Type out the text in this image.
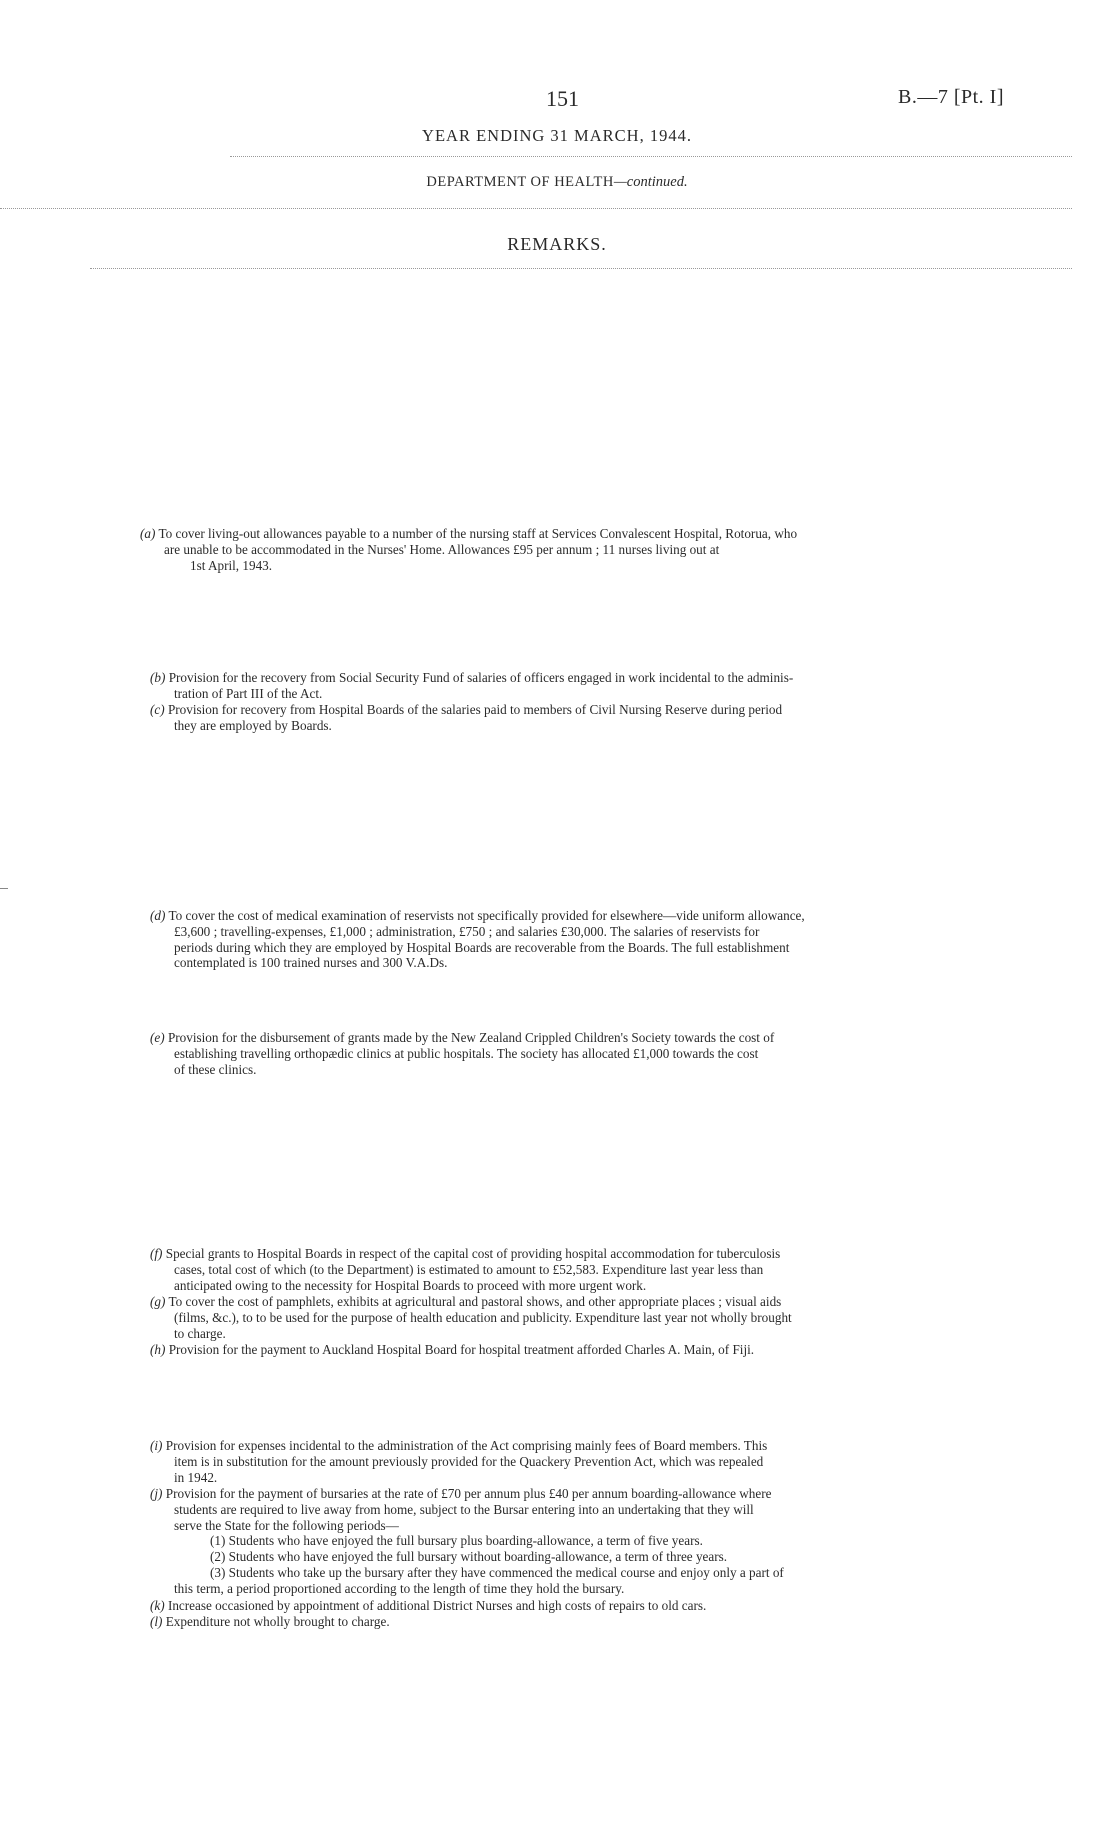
151	B.—7 [Pt. I]
YEAR ENDING 31 MARCH, 1944.
DEPARTMENT OF HEALTH—continued.
REMARKS.
(a) To cover living-out allowances payable to a number of the nursing staff at Services Convalescent Hospital, Rotorua, who
are unable to be accommodated in the Nurses' Home. Allowances £95 per annum ; 11 nurses living out at
1st April, 1943.
(b) Provision for the recovery from Social Security Fund of salaries of officers engaged in work incidental to the adminis-
tration of Part III of the Act.
(c) Provision for recovery from Hospital Boards of the salaries paid to members of Civil Nursing Reserve during period
they are employed by Boards.
(d) To cover the cost of medical examination of reservists not specifically provided for elsewhere—vide uniform allowance,
£3,600 ; travelling-expenses, £1,000 ; administration, £750 ; and salaries £30,000. The salaries of reservists for
periods during which they are employed by Hospital Boards are recoverable from the Boards. The full establishment
contemplated is 100 trained nurses and 300 V.A.Ds.
(e) Provision for the disbursement of grants made by the New Zealand Crippled Children's Society towards the cost of
establishing travelling orthopædic clinics at public hospitals. The society has allocated £1,000 towards the cost
of these clinics.
(f) Special grants to Hospital Boards in respect of the capital cost of providing hospital accommodation for tuberculosis
cases, total cost of which (to the Department) is estimated to amount to £52,583. Expenditure last year less than
anticipated owing to the necessity for Hospital Boards to proceed with more urgent work.
(g) To cover the cost of pamphlets, exhibits at agricultural and pastoral shows, and other appropriate places ; visual aids
(films, &c.), to to be used for the purpose of health education and publicity. Expenditure last year not wholly brought
to charge.
(h) Provision for the payment to Auckland Hospital Board for hospital treatment afforded Charles A. Main, of Fiji.
(i) Provision for expenses incidental to the administration of the Act comprising mainly fees of Board members. This
item is in substitution for the amount previously provided for the Quackery Prevention Act, which was repealed
in 1942.
(j) Provision for the payment of bursaries at the rate of £70 per annum plus £40 per annum boarding-allowance where
students are required to live away from home, subject to the Bursar entering into an undertaking that they will
serve the State for the following periods—
(1) Students who have enjoyed the full bursary plus boarding-allowance, a term of five years.
(2) Students who have enjoyed the full bursary without boarding-allowance, a term of three years.
(3) Students who take up the bursary after they have commenced the medical course and enjoy only a part of
this term, a period proportioned according to the length of time they hold the bursary.
(k) Increase occasioned by appointment of additional District Nurses and high costs of repairs to old cars.
(l) Expenditure not wholly brought to charge.
